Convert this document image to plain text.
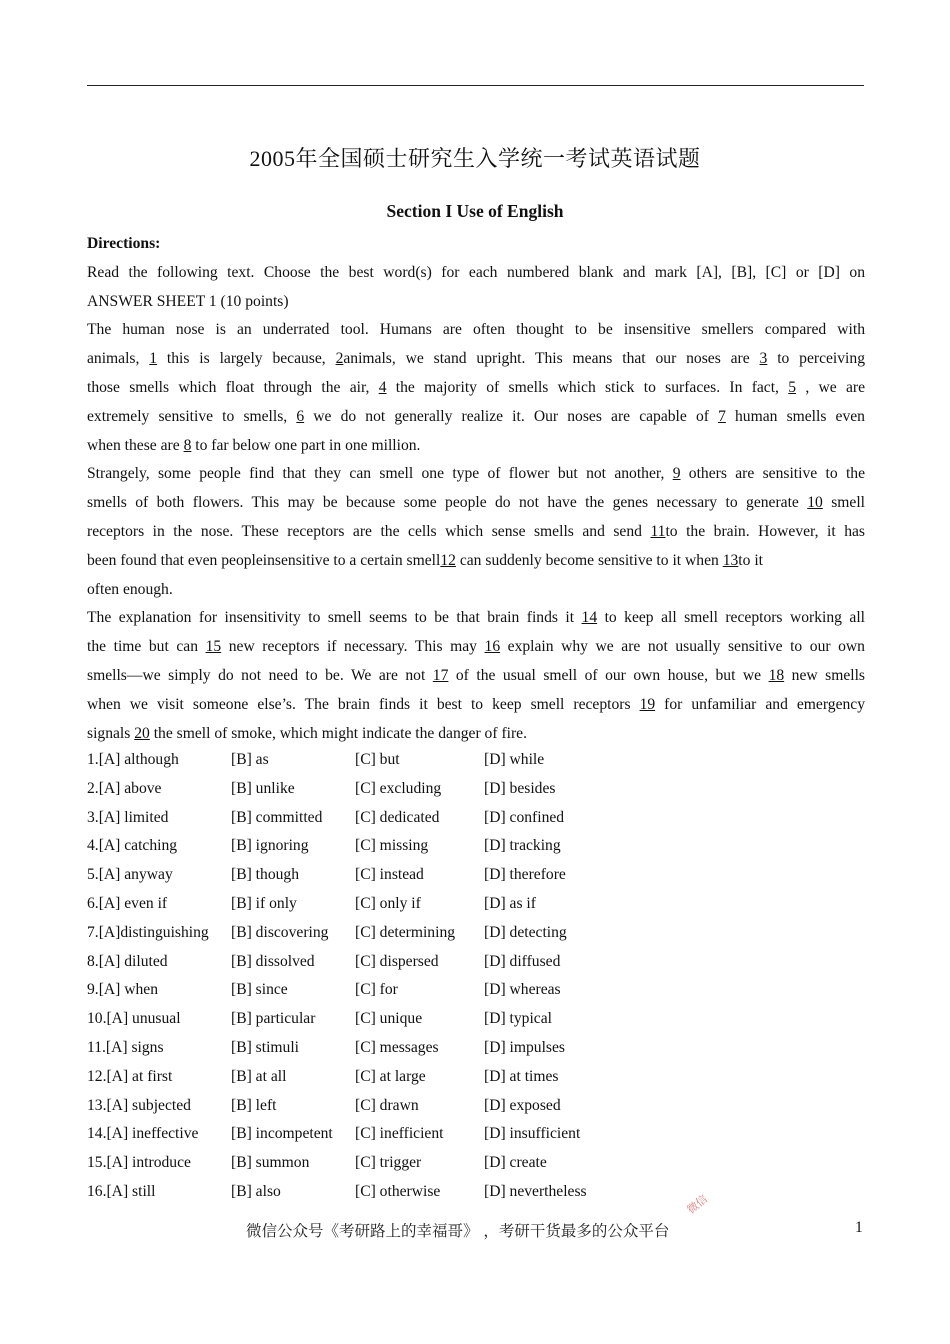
2005年全国硕士研究生入学统一考试英语试题
Section I Use of English
Directions:
Read the following text. Choose the best word(s) for each numbered blank and mark [A], [B], [C] or [D] on
ANSWER SHEET 1 (10 points)
The human nose is an underrated tool. Humans are often thought to be insensitive smellers compared with
animals, 1 this is largely because, 2animals, we stand upright. This means that our noses are 3 to perceiving
those smells which float through the air, 4 the majority of smells which stick to surfaces. In fact, 5 , we are
extremely sensitive to smells, 6 we do not generally realize it. Our noses are capable of 7 human smells even
when these are 8 to far below one part in one million.
Strangely, some people find that they can smell one type of flower but not another, 9 others are sensitive to the
smells of both flowers. This may be because some people do not have the genes necessary to generate 10 smell
receptors in the nose. These receptors are the cells which sense smells and send 11to the brain. However, it has
been found that even peopleinsensitive to a certain smell12 can suddenly become sensitive to it when 13to it
often enough.
The explanation for insensitivity to smell seems to be that brain finds it 14 to keep all smell receptors working all
the time but can 15 new receptors if necessary. This may 16 explain why we are not usually sensitive to our own
smells—we simply do not need to be. We are not 17 of the usual smell of our own house, but we 18 new smells
when we visit someone else’s. The brain finds it best to keep smell receptors 19 for unfamiliar and emergency
signals 20 the smell of smoke, which might indicate the danger of fire.
1.[A] although	[B] as	[C] but	[D] while
2.[A] above	[B] unlike	[C] excluding	[D] besides
3.[A] limited	[B] committed [C] dedicated	[D] confined
4.[A] catching	[B] ignoring	[C] missing	[D] tracking
5.[A] anyway	[B] though	[C] instead	[D] therefore
6.[A] even if	[B] if only	[C] only if	[D] as if
7.[A]distinguishing [B] discovering [C] determining [D] detecting
8.[A] diluted	[B] dissolved	[C] dispersed	[D] diffused
9.[A] when	[B] since	[C] for	[D] whereas
10.[A] unusual	[B] particular	[C] unique	[D] typical
11.[A] signs	[B] stimuli	[C] messages	[D] impulses
12.[A] at first	[B] at all	[C] at large	[D] at times
13.[A] subjected	[B] left	[C] drawn	[D] exposed
14.[A] ineffective [B] incompetent [C] inefficient	[D] insufficient
15.[A] introduce	[B] summon	[C] trigger	[D] create
16.[A] still	[B] also	[C] otherwise	[D] nevertheless
微信
微信公众号《考研路上的幸福哥》 ，考研干货最多的公众平台	1
